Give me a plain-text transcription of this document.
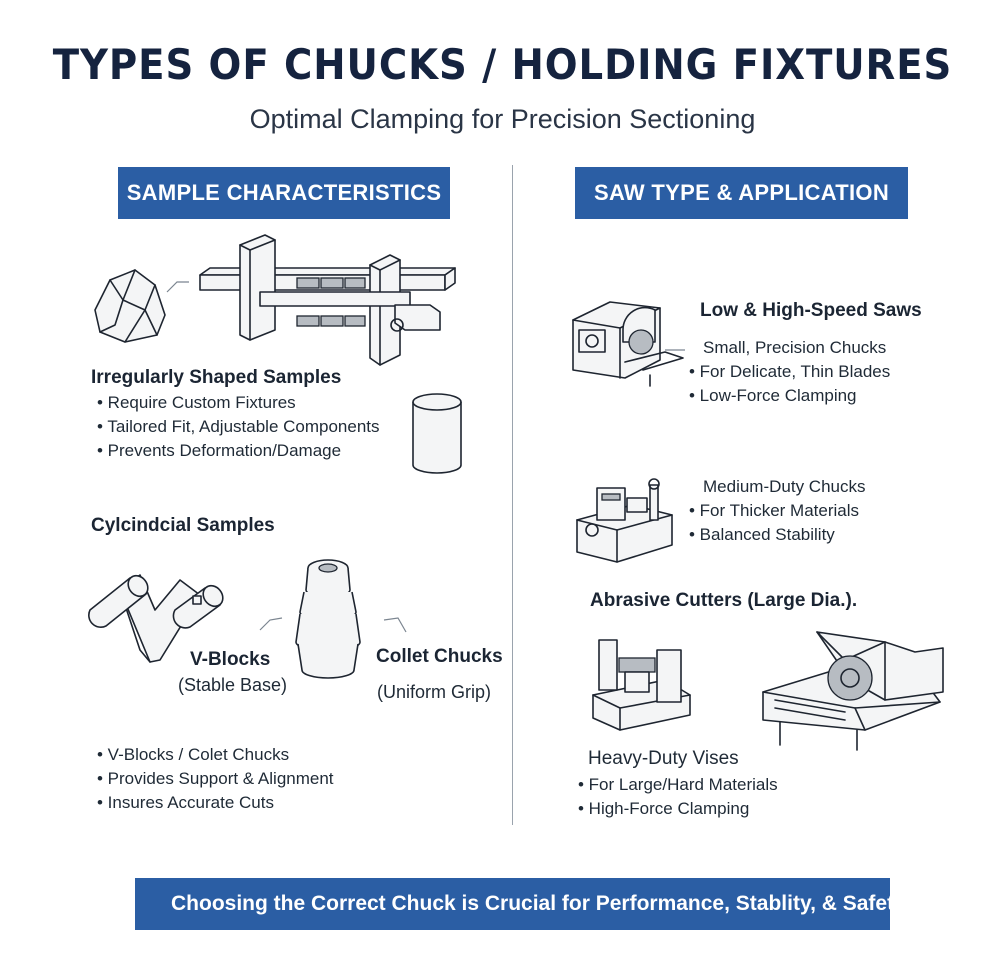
TYPES OF CHUCKS / HOLDING FIXTURES
Optimal Clamping for Precision Sectioning
SAMPLE CHARACTERISTICS	SAW TYPE & APPLICATION
Irregularly Shaped Samples
• Require Custom Fixtures
• Tailored Fit, Adjustable Components
• Prevents Deformation/Damage
Cylcindcial Samples
V-Blocks
(Stable Base)
Collet Chucks
(Uniform Grip)
• V-Blocks / Colet Chucks
• Provides Support & Alignment
• Insures Accurate Cuts
Low & High-Speed Saws
Small, Precision Chucks
• For Delicate, Thin Blades
• Low-Force Clamping
Medium-Duty Chucks
• For Thicker Materials
• Balanced Stability
Abrasive Cutters (Large Dia.).
Heavy-Duty Vises
• For Large/Hard Materials
• High-Force Clamping
Choosing the Correct Chuck is Crucial for Performance, Stablity, & Safety
